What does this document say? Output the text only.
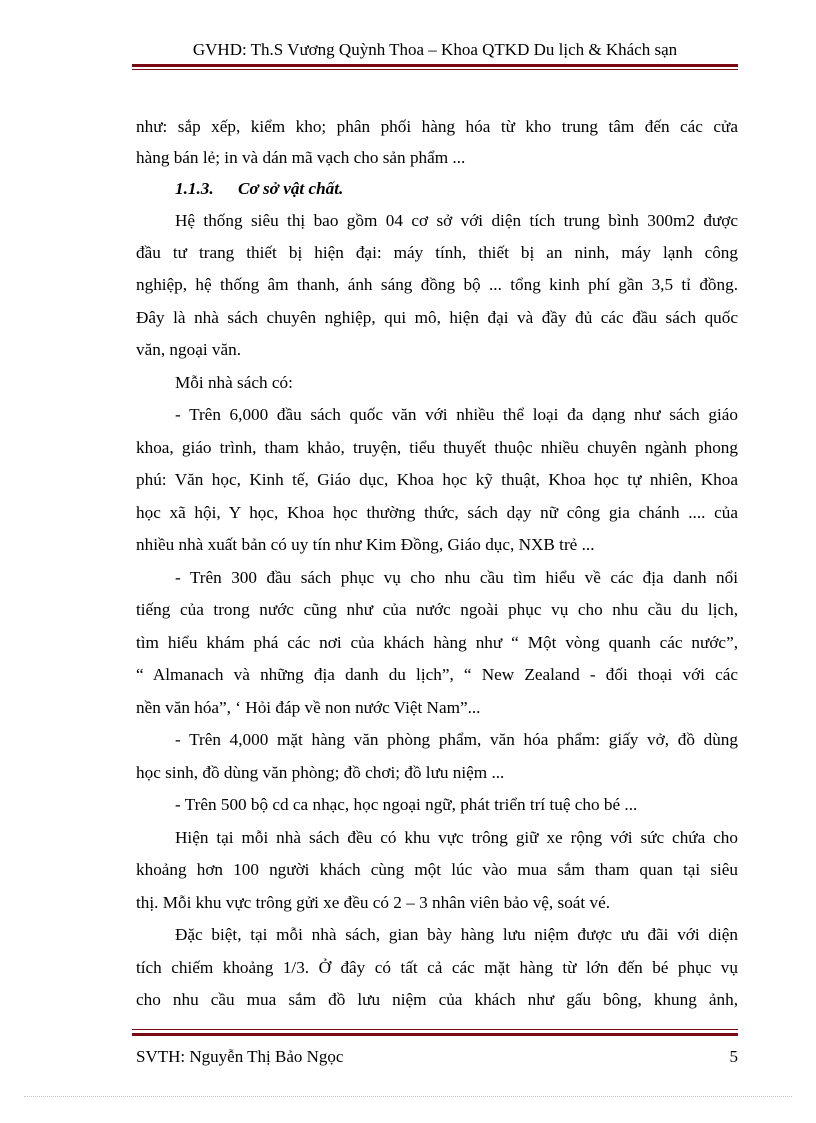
GVHD: Th.S Vương Quỳnh Thoa – Khoa QTKD Du lịch & Khách sạn
như: sắp xếp, kiểm kho; phân phối hàng hóa từ kho trung tâm đến các cửa
hàng bán lẻ; in và dán mã vạch cho sản phẩm ...
1.1.3. Cơ sở vật chất.
Hệ thống siêu thị bao gồm 04 cơ sở với diện tích trung bình 300m2 được
đầu tư trang thiết bị hiện đại: máy tính, thiết bị an ninh, máy lạnh công
nghiệp, hệ thống âm thanh, ánh sáng đồng bộ ... tổng kinh phí gần 3,5 tỉ đồng.
Đây là nhà sách chuyên nghiệp, qui mô, hiện đại và đầy đủ các đầu sách quốc
văn, ngoại văn.
Mỗi nhà sách có:
- Trên 6,000 đầu sách quốc văn với nhiều thể loại đa dạng như sách giáo
khoa, giáo trình, tham khảo, truyện, tiểu thuyết thuộc nhiều chuyên ngành phong
phú: Văn học, Kinh tế, Giáo dục, Khoa học kỹ thuật, Khoa học tự nhiên, Khoa
học xã hội, Y học, Khoa học thường thức, sách dạy nữ công gia chánh .... của
nhiều nhà xuất bản có uy tín như Kim Đồng, Giáo dục, NXB trẻ ...
- Trên 300 đầu sách phục vụ cho nhu cầu tìm hiểu về các địa danh nổi
tiếng của trong nước cũng như của nước ngoài phục vụ cho nhu cầu du lịch,
tìm hiểu khám phá các nơi của khách hàng như “ Một vòng quanh các nước”,
“ Almanach và những địa danh du lịch”, “ New Zealand - đối thoại với các
nền văn hóa”, ‘ Hỏi đáp về non nước Việt Nam”...
- Trên 4,000 mặt hàng văn phòng phẩm, văn hóa phẩm: giấy vở, đồ dùng
học sinh, đồ dùng văn phòng; đồ chơi; đồ lưu niệm ...
- Trên 500 bộ cd ca nhạc, học ngoại ngữ, phát triển trí tuệ cho bé ...
Hiện tại mỗi nhà sách đều có khu vực trông giữ xe rộng với sức chứa cho
khoảng hơn 100 người khách cùng một lúc vào mua sắm tham quan tại siêu
thị. Mỗi khu vực trông gửi xe đều có 2 – 3 nhân viên bảo vệ, soát vé.
Đặc biệt, tại mỗi nhà sách, gian bày hàng lưu niệm được ưu đãi với diện
tích chiếm khoảng 1/3. Ở đây có tất cả các mặt hàng từ lớn đến bé phục vụ
cho nhu cầu mua sắm đồ lưu niệm của khách như gấu bông, khung ảnh,
SVTH: Nguyễn Thị Bảo Ngọc	5
